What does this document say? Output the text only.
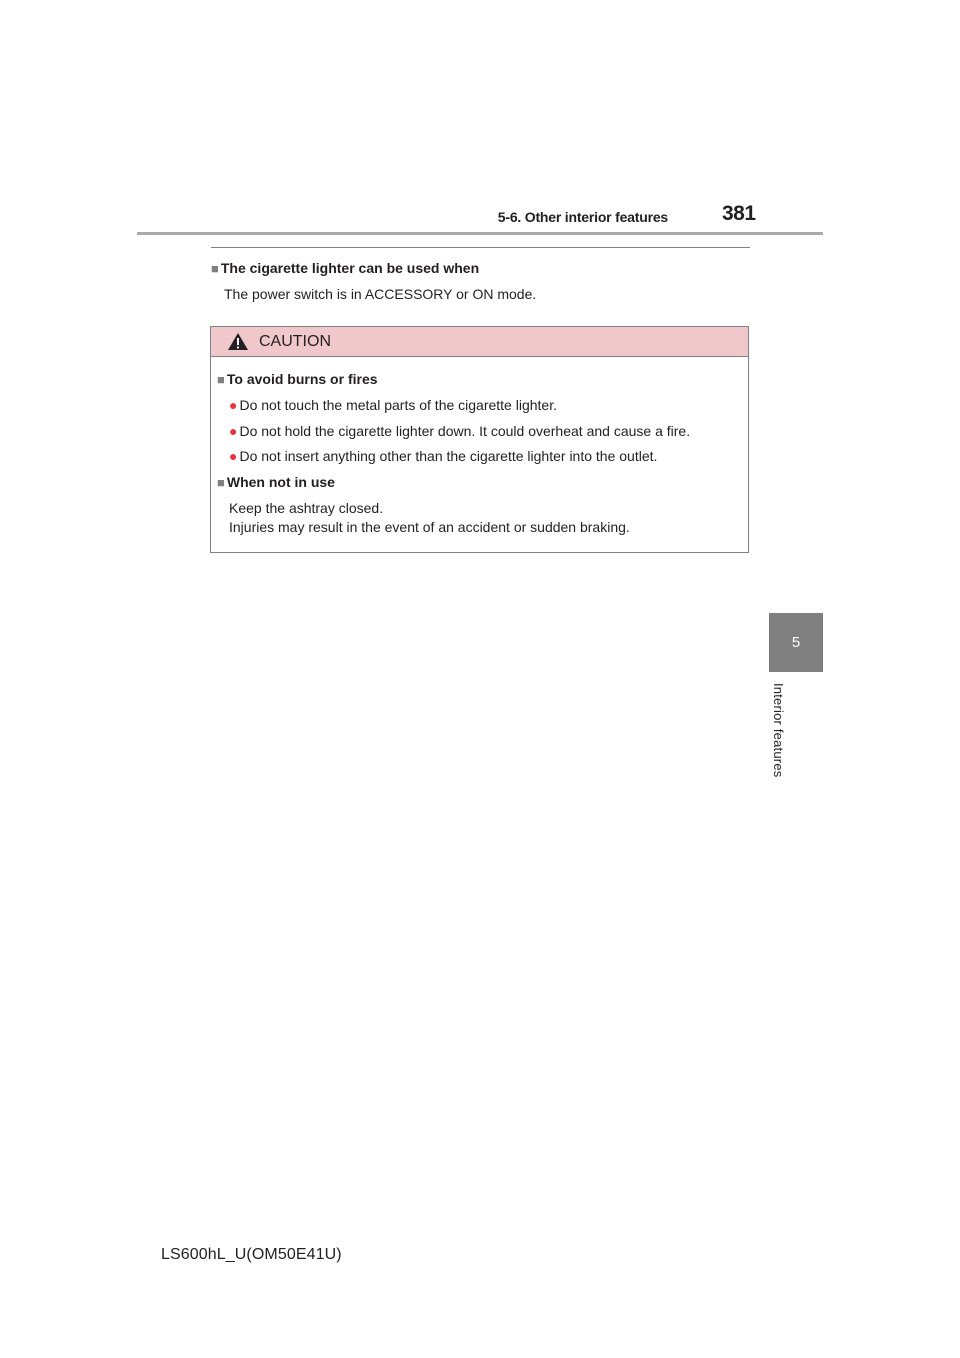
5-6. Other interior features	381
5
Interior features
■ The cigarette lighter can be used when
The power switch is in ACCESSORY or ON mode.
CAUTION
■ To avoid burns or fires
● Do not touch the metal parts of the cigarette lighter.
● Do not hold the cigarette lighter down. It could overheat and cause a fire.
● Do not insert anything other than the cigarette lighter into the outlet.
■ When not in use
Keep the ashtray closed.
Injuries may result in the event of an accident or sudden braking.
LS600hL_U(OM50E41U)
